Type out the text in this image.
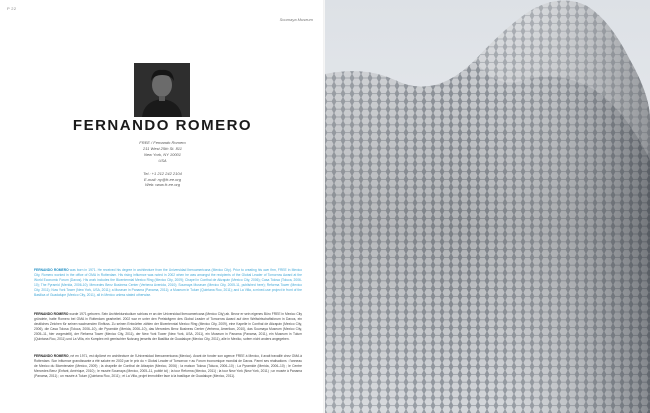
P 22
Soumaya Museum
FERNANDO ROMERO
FREE / Fernando Romero
211 West 25th St. 811
New York, NY 10001
USA
Tel.: +1 212 242 2104
E-mail: ny@fr-ee.org
Web: www.fr-ee.org

FERNANDO ROMERO was born in 1971. He received his degree in architecture from the Universidad Iberoamericana (Mexico City). Prior to creating his own firm, FREE in Mexico City, Romero worked in the office of OMA in Rotterdam. His rising influence was noted in 2002 when he was amongst the recipients of the Global Leader of Tomorrow Award at the World Economic Forum (Davos). His work includes the Bicentennial Mexico Ring (Mexico City, 2009); Chapel in Conthal de Atizapán (Mexico City, 2006); Casa Tolosa (Toluca, 2006-10); The Pyramid (Merida, 2006-10); Mercedes Benz Business Center (Verbena Avenida, 2010); Soumaya Museum (Mexico City, 2005-11, published here); Reforma Tower (Mexico City, 2011); Nuw York Tower (New York, USA, 2011); a Museum in Panama (Panama, 2011); a Museum in Tulum (Quintana Roo, 2011); and La Villa, a mixed-use project in front of the Basilica of Guadalupe (Mexico City, 2011), all in Mexico unless stated otherwise.

FERNANDO ROMERO wurde 1971 geboren. Sein Architekturstudium schloss er an der Universidad Iberoamericana (Mexico City) ab. Bevor er sein eigenes Büro FREE in Mexico City gründete, hatte Romero bei OMA in Rotterdam gearbeitet. 2002 war er unter den Preisträgern des Global Leader of Tomorrow Award auf dem Weltwirtschaftsforum in Davos, ein deutliches Zeichen für seinen wachsenden Einfluss. Zu seinen Entwürfen zählen der Bicentennial Mexico Ring (Mexico City, 2009), eine Kapelle in Conthal de Atizapán (Mexico City, 2006), die Casa Tolosa (Toluca, 2006–10), die Pyramide (Merida, 2006–10), das Mercedes Benz Business Center (Verbena, Amerikan, 2010), das Soumaya Museum (Mexico City, 2005–11, hier vorgestellt), der Reforma Tower (Mexico City, 2011), der New York Tower (New York, USA, 2011), ein Museum in Panama (Panama, 2011), ein Museum in Tulum (Quintana Roo, 2011) und La Villa, ein Komplex mit gemischter Nutzung jenseits der Basilika de Guadalupe (Mexico City, 2011), alle in Mexiko, sofern nicht anders angegeben.

FERNANDO ROMERO, né en 1971, est diplômé en architecture de l'Universidad Iberoamericana (Mexico). Avant de fonder son agence FREE à Mexico, il avait travaillé chez OMA à Rotterdam. Son influence grandissante a été saluée en 2002 par le prix du « Global Leader of Tomorrow » au Forum économique mondial de Davos. Parmi ses réalisations : l'anneau de Mexico du Bicentenaire (Mexico, 2009) ; la chapelle de Conthal de Atizapán (Mexico, 2006) ; la maison Tolosa (Toluca, 2006–10) ; La Pyramide (Merida, 2006–10) ; le Centre Mercedes Benz (Enfant, Amérique, 2010) ; le musée Soumaya (Mexico, 2005–11, publié ici) ; la tour Reforma (Mexico, 2011) ; la tour New York (New York, 2011) ; un musée à Panama (Panama, 2011) ; un musée à Tulum (Quintana Roo, 2011) ; et La Villa, projet immobilier face à la basilique de Guadalupe (Mexico, 2011).
